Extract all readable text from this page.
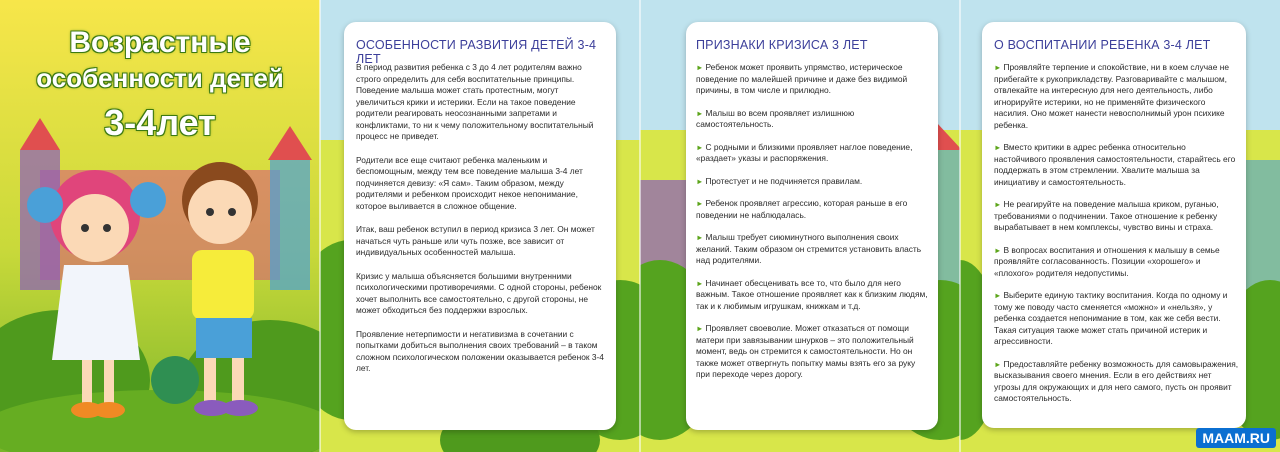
Возрастные
особенности детей
3-4лет
ОСОБЕННОСТИ РАЗВИТИЯ ДЕТЕЙ 3-4 ЛЕТ

В период развития ребенка с 3 до 4 лет родителям важно строго определить для себя воспитательные принципы. Поведение малыша может стать протестным, могут увеличиться крики и истерики. Если на такое поведение родители реагировать неосознанными запретами и конфликтами, то ни к чему положительному воспитательный процесс не приведет.

Родители все еще считают ребенка маленьким и беспомощным, между тем все поведение малыша 3-4 лет подчиняется девизу: «Я сам». Таким образом, между родителями и ребенком происходит некое непонимание, которое выливается в сложное общение.

Итак, ваш ребенок вступил в период кризиса 3 лет. Он может начаться чуть раньше или чуть позже, все зависит от индивидуальных особенностей малыша.

Кризис у малыша объясняется большими внутренними психологическими противоречиями. С одной стороны, ребенок хочет выполнить все самостоятельно, с другой стороны, не может обходиться без поддержки взрослых.

Проявление нетерпимости и негативизма в сочетании с попытками добиться выполнения своих требований – в таком сложном психологическом положении оказывается ребенок 3-4 лет.

ПРИЗНАКИ КРИЗИСА 3 ЛЕТ
► Ребенок может проявить упрямство, истерическое поведение по малейшей причине и даже без видимой причины, в том числе и прилюдно.
► Малыш во всем проявляет излишнюю самостоятельность.
► С родными и близкими проявляет наглое поведение, «раздает» указы и распоряжения.
► Протестует и не подчиняется правилам.
► Ребенок проявляет агрессию, которая раньше в его поведении не наблюдалась.
► Малыш требует сиюминутного выполнения своих желаний. Таким образом он стремится установить власть над родителями.
► Начинает обесценивать все то, что было для него важным. Такое отношение проявляет как к близким людям, так и к любимым игрушкам, книжкам и т.д.
► Проявляет своеволие. Может отказаться от помощи матери при завязывании шнурков – это положительный момент, ведь он стремится к самостоятельности. Но он также может отвергнуть попытку мамы взять его за руку при переходе через дорогу.
О ВОСПИТАНИИ РЕБЕНКА 3-4 ЛЕТ
► Проявляйте терпение и спокойствие, ни в коем случае не прибегайте к рукоприкладству. Разговаривайте с малышом, отвлекайте на интересную для него деятельность, либо игнорируйте истерики, но не применяйте физического насилия. Оно может нанести невосполнимый урон психике ребенка.
► Вместо критики в адрес ребенка относительно настойчивого проявления самостоятельности, старайтесь его поддержать в этом стремлении. Хвалите малыша за инициативу и самостоятельность.
► Не реагируйте на поведение малыша криком, руганью, требованиями о подчинении. Такое отношение к ребенку вырабатывает в нем комплексы, чувство вины и страха.
► В вопросах воспитания и отношения к малышу в семье проявляйте согласованность. Позиции «хорошего» и «плохого» родителя недопустимы.
► Выберите единую тактику воспитания. Когда по одному и тому же поводу часто сменяется «можно» и «нельзя», у ребенка создается непонимание в том, как же себя вести. Такая ситуация также может стать причиной истерик и агрессивности.
► Предоставляйте ребенку возможность для самовыражения, высказывания своего мнения. Если в его действиях нет угрозы для окружающих и для него самого, пусть он проявит самостоятельность.
MAAM.RU
